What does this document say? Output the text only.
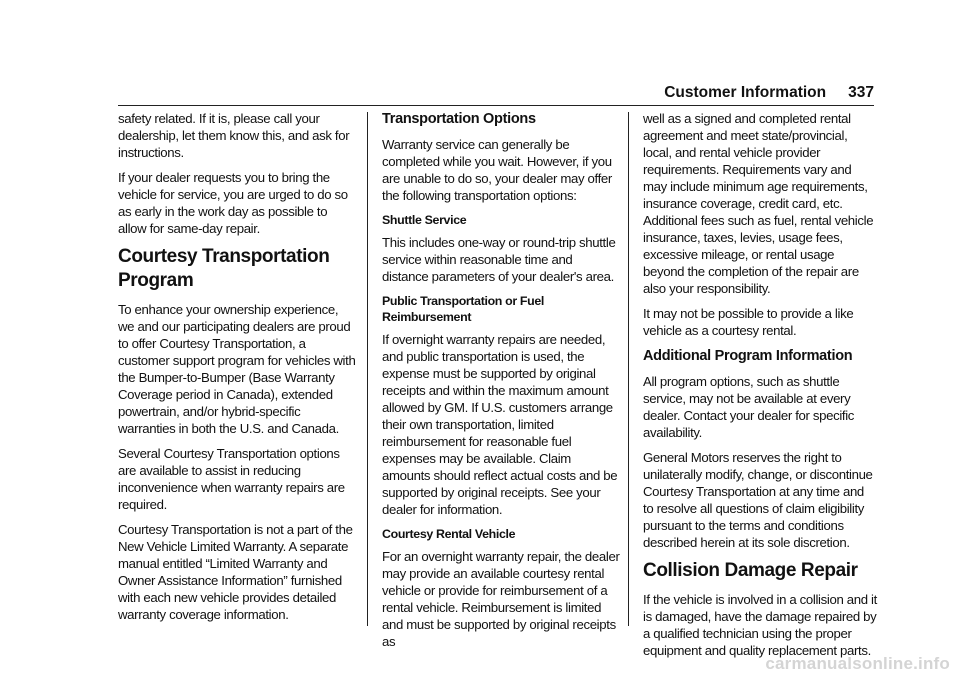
Customer Information 337

safety related. If it is, please call your dealership, let them know this, and ask for instructions.

If your dealer requests you to bring the vehicle for service, you are urged to do so as early in the work day as possible to allow for same-day repair.

Courtesy Transportation Program

To enhance your ownership experience, we and our participating dealers are proud to offer Courtesy Transportation, a customer support program for vehicles with the Bumper-to-Bumper (Base Warranty Coverage period in Canada), extended powertrain, and/or hybrid-specific warranties in both the U.S. and Canada.

Several Courtesy Transportation options are available to assist in reducing inconvenience when warranty repairs are required.

Courtesy Transportation is not a part of the New Vehicle Limited Warranty. A separate manual entitled “Limited Warranty and Owner Assistance Information” furnished with each new vehicle provides detailed warranty coverage information.

Transportation Options

Warranty service can generally be completed while you wait. However, if you are unable to do so, your dealer may offer the following transportation options:

Shuttle Service

This includes one-way or round-trip shuttle service within reasonable time and distance parameters of your dealer's area.

Public Transportation or Fuel Reimbursement

If overnight warranty repairs are needed, and public transportation is used, the expense must be supported by original receipts and within the maximum amount allowed by GM. If U.S. customers arrange their own transportation, limited reimbursement for reasonable fuel expenses may be available. Claim amounts should reflect actual costs and be supported by original receipts. See your dealer for information.

Courtesy Rental Vehicle

For an overnight warranty repair, the dealer may provide an available courtesy rental vehicle or provide for reimbursement of a rental vehicle. Reimbursement is limited and must be supported by original receipts as

well as a signed and completed rental agreement and meet state/provincial, local, and rental vehicle provider requirements. Requirements vary and may include minimum age requirements, insurance coverage, credit card, etc. Additional fees such as fuel, rental vehicle insurance, taxes, levies, usage fees, excessive mileage, or rental usage beyond the completion of the repair are also your responsibility.

It may not be possible to provide a like vehicle as a courtesy rental.

Additional Program Information

All program options, such as shuttle service, may not be available at every dealer. Contact your dealer for specific availability.

General Motors reserves the right to unilaterally modify, change, or discontinue Courtesy Transportation at any time and to resolve all questions of claim eligibility pursuant to the terms and conditions described herein at its sole discretion.

Collision Damage Repair

If the vehicle is involved in a collision and it is damaged, have the damage repaired by a qualified technician using the proper equipment and quality replacement parts.

carmanualsonline.info
